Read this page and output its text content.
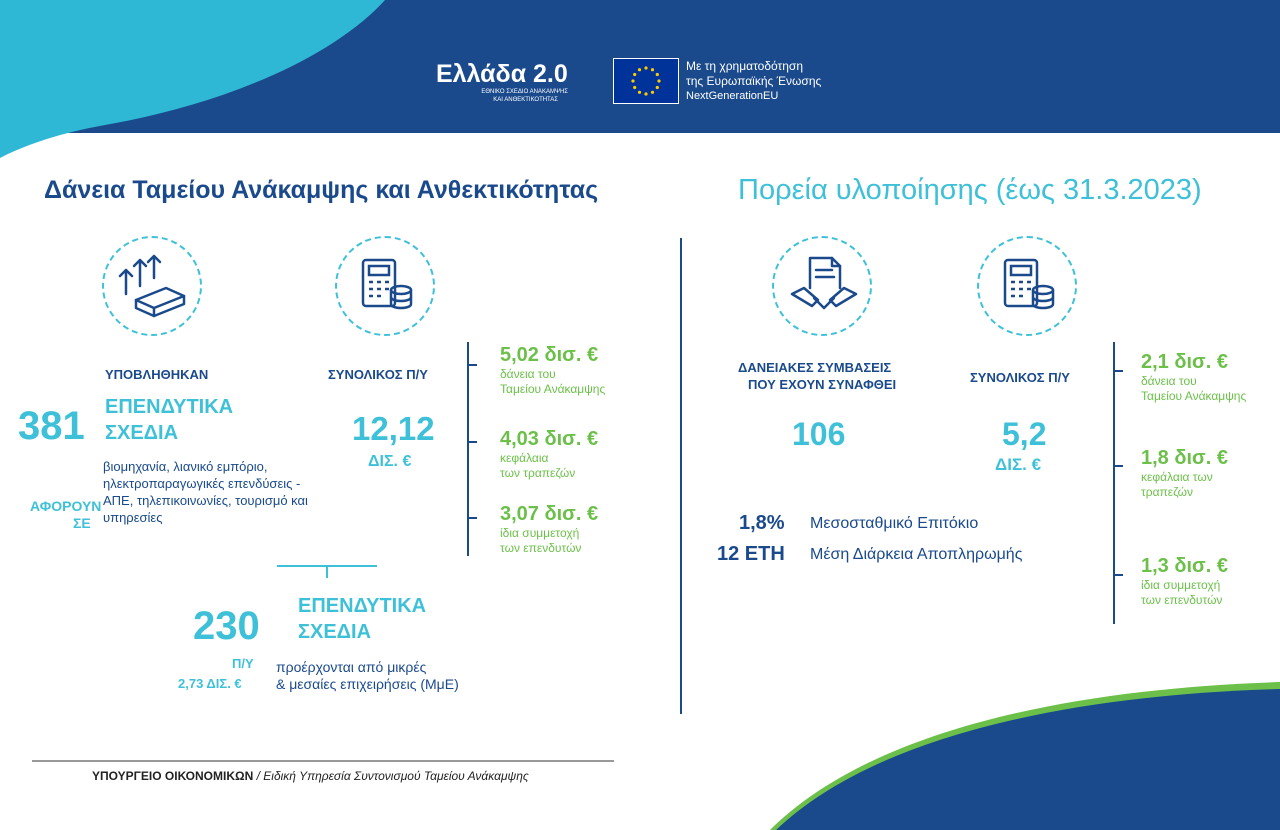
Ελλάδα 2.0
ΕΘΝΙΚΟ ΣΧΕΔΙΟ ΑΝΑΚΑΜΨΗΣ
ΚΑΙ ΑΝΘΕΚΤΙΚΟΤΗΤΑΣ
Με τη χρηματοδότηση
της Ευρωπαϊκής Ένωσης
NextGenerationEU
Δάνεια Ταμείου Ανάκαμψης και Ανθεκτικότητας	Πορεία υλοποίησης (έως 31.3.2023)
ΥΠΟΒΛΗΘΗΚΑΝ
381 ΕΠΕΝΔΥΤΙΚΑ
ΣΧΕΔΙΑ
ΑΦΟΡΟΥΝ
ΣΕ
βιομηχανία, λιανικό εμπόριο, ηλεκτροπαραγωγικές επενδύσεις - ΑΠΕ, τηλεπικοινωνίες, τουρισμό και υπηρεσίες
ΣΥΝΟΛΙΚΟΣ Π/Υ
12,12
ΔΙΣ. €
5,02 δισ. €
δάνεια του
Ταμείου Ανάκαμψης
4,03 δισ. €
κεφάλαια
των τραπεζών
3,07 δισ. €
ίδια συμμετοχή
των επενδυτών
230 ΕΠΕΝΔΥΤΙΚΑ
ΣΧΕΔΙΑ
Π/Υ
2,73 ΔΙΣ. €
προέρχονται από μικρές
& μεσαίες επιχειρήσεις (ΜμΕ)
ΔΑΝΕΙΑΚΕΣ ΣΥΜΒΑΣΕΙΣ
ΠΟΥ ΕΧΟΥΝ ΣΥΝΑΦΘΕΙ
106
ΣΥΝΟΛΙΚΟΣ Π/Υ
5,2
ΔΙΣ. €
1,8% Μεσοσταθμικό Επιτόκιο
12 ΕΤΗ Μέση Διάρκεια Αποπληρωμής
2,1 δισ. €
δάνεια του
Ταμείου Ανάκαμψης
1,8 δισ. €
κεφάλαια των
τραπεζών
1,3 δισ. €
ίδια συμμετοχή
των επενδυτών
ΥΠΟΥΡΓΕΙΟ ΟΙΚΟΝΟΜΙΚΩΝ / Ειδική Υπηρεσία Συντονισμού Ταμείου Ανάκαμψης
